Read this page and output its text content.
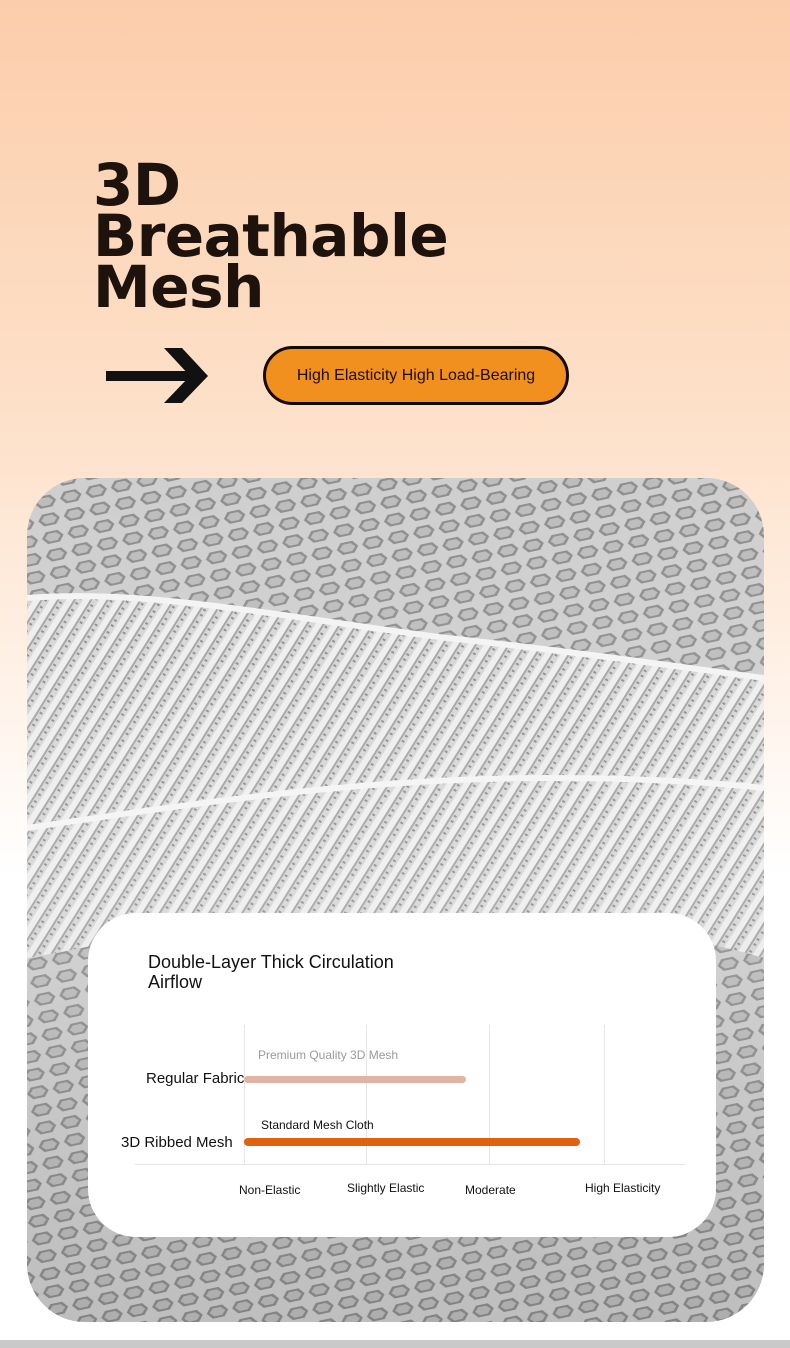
3D Breathable
Mesh
High Elasticity High Load-Bearing

Double-Layer Thick Circulation Airflow

Regular Fabric
Premium Quality 3D Mesh
3D Ribbed Mesh
Standard Mesh Cloth
Non-Elastic	Slightly Elastic	Moderate	High Elasticity
